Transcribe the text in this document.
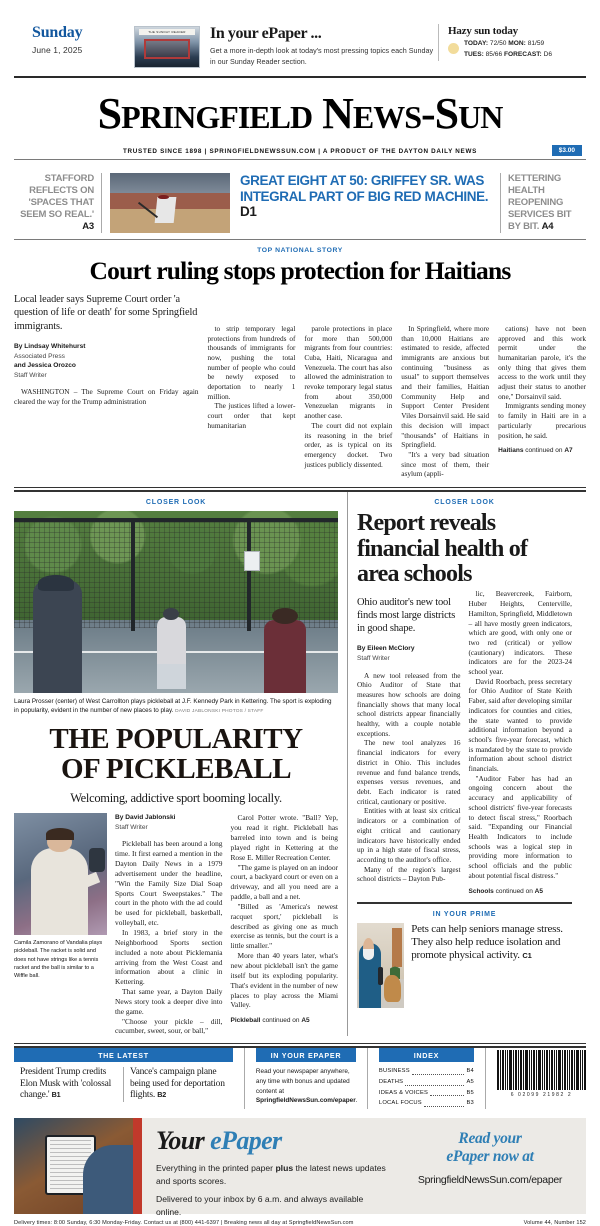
Sunday
June 1, 2025
THE SUNDAY READER	In your ePaper ...

Get a more in-depth look at today's most pressing topics each Sunday in our Sunday Reader section.

Hazy sun today
TODAY: 72/50 MON: 81/59
TUES: 85/66 FORECAST: D6
SPRINGFIELD NEWS-SUN
TRUSTED SINCE 1898 | SPRINGFIELDNEWSSUN.COM | A PRODUCT OF THE DAYTON DAILY NEWS	$3.00
STAFFORD REFLECTS ON 'SPACES THAT SEEM SO REAL.' A3
GREAT EIGHT AT 50: GRIFFEY SR. WAS INTEGRAL PART OF BIG RED MACHINE. D1
KETTERING HEALTH REOPENING SERVICES BIT BY BIT. A4
TOP NATIONAL STORY
Court ruling stops protection for Haitians
Local leader says Supreme Court order 'a question of life or death' for some Springfield immigrants.
By Lindsay Whitehurst
Associated Press
and Jessica Orozco
Staff Writer

WASHINGTON – The Supreme Court on Friday again cleared the way for the Trump administration

to strip temporary legal protections from hundreds of thousands of immigrants for now, pushing the total number of people who could be newly exposed to deportation to nearly 1 million.

The justices lifted a lower-court order that kept humanitarian

parole protections in place for more than 500,000 migrants from four countries: Cuba, Haiti, Nicaragua and Venezuela. The court has also allowed the administration to revoke temporary legal status from about 350,000 Venezuelan migrants in another case.

The court did not explain its reasoning in the brief order, as is typical on its emergency docket. Two justices publicly dissented.

In Springfield, where more than 10,000 Haitians are estimated to reside, affected immigrants are anxious but continuing "business as usual" to support themselves and their families, Haitian Community Help and Support Center President Viles Dorsainvil said. He said this decision will impact "thousands" of Haitians in Springfield.

"It's a very bad situation since most of them, their asylum (appli-

cations) have not been approved and this work permit under the humanitarian parole, it's the only thing that gives them access to the work until they adjust their status to another one," Dorsainvil said.

Immigrants sending money to family in Haiti are in a particularly precarious position, he said.

Haitians continued on A7
CLOSER LOOK
Laura Prosser (center) of West Carrollton plays pickleball at J.F. Kennedy Park in Kettering. The sport is exploding in popularity, evident in the number of new places to play. DAVID JABLONSKI PHOTOS / STAFF
THE POPULARITY
OF PICKLEBALL
Welcoming, addictive sport booming locally.
Camila Zamorano of Vandalia plays pickleball. The racket is solid and does not have strings like a tennis racket and the ball is similar to a Wiffle ball.
By David Jablonski
Staff Writer

Pickleball has been around a long time. It first earned a mention in the Dayton Daily News in a 1979 advertisement under the headline, "Win the Family Size Dial Soap Sports Court Sweepstakes." The court in the photo with the ad could be used for pickleball, basketball, volleyball, etc.

In 1983, a brief story in the Neighborhood Sports section included a note about Picklemania arriving from the West Coast and information about a clinic in Kettering.

That same year, a Dayton Daily News story took a deeper dive into the game.

"Choose your pickle – dill, cucumber, sweet, sour, or ball,"

Carol Potter wrote. "Ball? Yep, you read it right. Pickleball has barreled into town and is being played right in Kettering at the Rose E. Miller Recreation Center.

"The game is played on an indoor court, a backyard court or even on a driveway, and all you need are a paddle, a ball and a net.

"Billed as 'America's newest racquet sport,' pickleball is described as giving one as much exercise as tennis, but the court is a little smaller."

More than 40 years later, what's new about pickleball isn't the game itself but its exploding popularity. That's evident in the number of new places to play across the Miami Valley.

Pickleball continued on A5
CLOSER LOOK
Report reveals financial health of area schools
Ohio auditor's new tool finds most large districts in good shape.
By Eileen McClory
Staff Writer

A new tool released from the Ohio Auditor of State that measures how schools are doing financially shows that many local school districts appear financially healthy, with a couple notable exceptions.

The new tool analyzes 16 financial indicators for every district in Ohio. This includes revenue and fund balance trends, expenses versus revenues, and debt. Each indicator is rated critical, cautionary or positive.

Entities with at least six critical indicators or a combination of eight critical and cautionary indicators have historically ended up in a high state of fiscal stress, according to the auditor's office.

Many of the region's largest school districts – Dayton Pub-

lic, Beavercreek, Fairborn, Huber Heights, Centerville, Hamilton, Springfield, Middletown – all have mostly green indicators, which are good, with only one or two red (critical) or yellow (cautionary) indicators. These indicators are for the 2023-24 school year.

David Roorbach, press secretary for Ohio Auditor of State Keith Faber, said after developing similar indicators for counties and cities, the state wanted to provide additional information beyond a school's five-year forecast, which is mandated by the state to provide information about school district financials.

"Auditor Faber has had an ongoing concern about the accuracy and applicability of school districts' five-year forecasts to detect fiscal stress," Roorbach said. "Expanding our Financial Health Indicators to include schools was a logical step in providing more information to school officials and the public about potential fiscal distress."

Schools continued on A5
IN YOUR PRIME
Pets can help seniors manage stress. They also help reduce isolation and promote physical activity. C1
THE LATEST
President Trump credits Elon Musk with 'colossal change.' B1
Vance's campaign plane being used for deportation flights. B2
IN YOUR EPAPER
Read your newspaper anywhere, any time with bonus and updated content at SpringfieldNewsSun.com/epaper.
INDEX
BUSINESS	B4
DEATHS	A5
IDEAS & VOICES	B5
LOCAL FOCUS	B3
6 02099 21982 2
Your ePaper

Everything in the printed paper plus the latest news updates and sports scores.

Delivered to your inbox by 6 a.m. and always available online.

Read your
ePaper now at
SpringfieldNewsSun.com/epaper
Delivery times: 8:00 Sunday, 6:30 Monday-Friday. Contact us at (800) 441-6397 | Breaking news all day at SpringfieldNewsSun.com	Volume 44, Number 152
